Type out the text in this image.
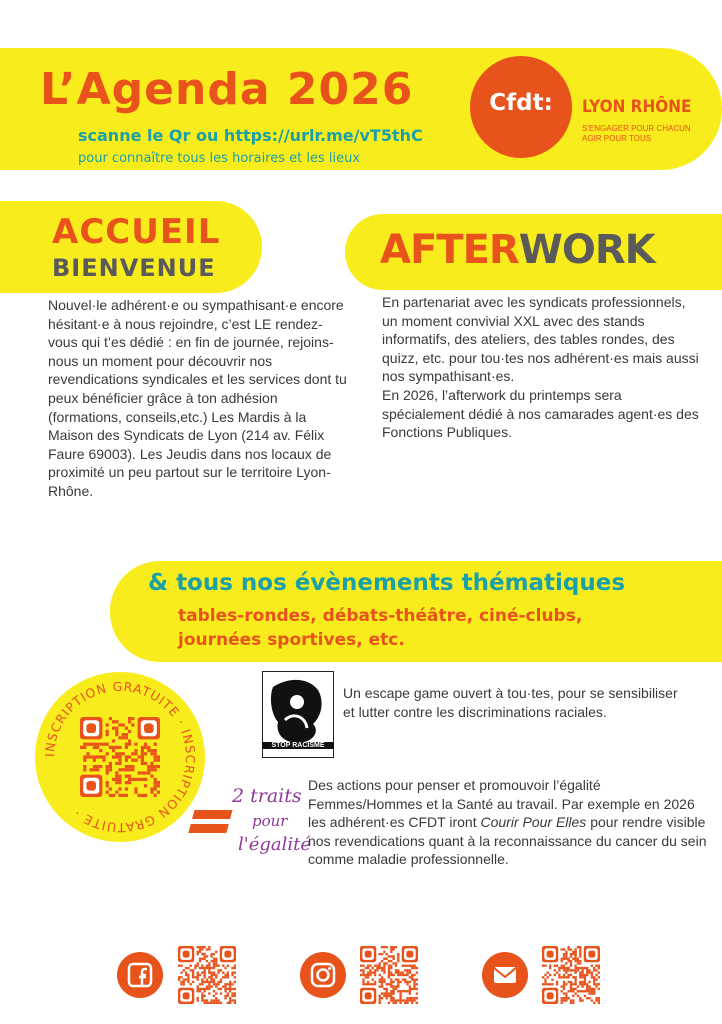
L’Agenda 2026
scanne le Qr ou https://urlr.me/vT5thC
pour connaître tous les horaires et les lieux
Cfdt:	LYON RHÔNE
S'ENGAGER POUR CHACUN
AGIR POUR TOUS
ACCUEIL
BIENVENUE
Nouvel·le adhérent·e ou sympathisant·e encore hésitant·e à nous rejoindre, c’est LE rendez-vous qui t’es dédié : en fin de journée, rejoins-nous un moment pour découvrir nos revendications syndicales et les services dont tu peux bénéficier grâce à ton adhésion (formations, conseils,etc.) Les Mardis à la Maison des Syndicats de Lyon (214 av. Félix Faure 69003). Les Jeudis dans nos locaux de proximité un peu partout sur le territoire Lyon-Rhône.
AFTERWORK
En partenariat avec les syndicats professionnels, un moment convivial XXL avec des stands informatifs, des ateliers, des tables rondes, des quizz, etc. pour tou·tes nos adhérent·es mais aussi nos sympathisant·es.
En 2026, l’afterwork du printemps sera spécialement dédié à nos camarades agent·es des Fonctions Publiques.
& tous nos évènements thématiques
tables-rondes, débats-théâtre, ciné-clubs,
journées sportives, etc.
INSCRIPTION GRATUITE · INSCRIPTION GRATUITE ·
STOP RACISME
Un escape game ouvert à tou·tes, pour se sensibiliser et lutter contre les discriminations raciales.
2 traits
pour
l'égalité
Des actions pour penser et promouvoir l’égalité Femmes/Hommes et la Santé au travail. Par exemple en 2026 les adhérent·es CFDT iront Courir Pour Elles pour rendre visible nos revendications quant à la reconnaissance du cancer du sein comme maladie professionnelle.
